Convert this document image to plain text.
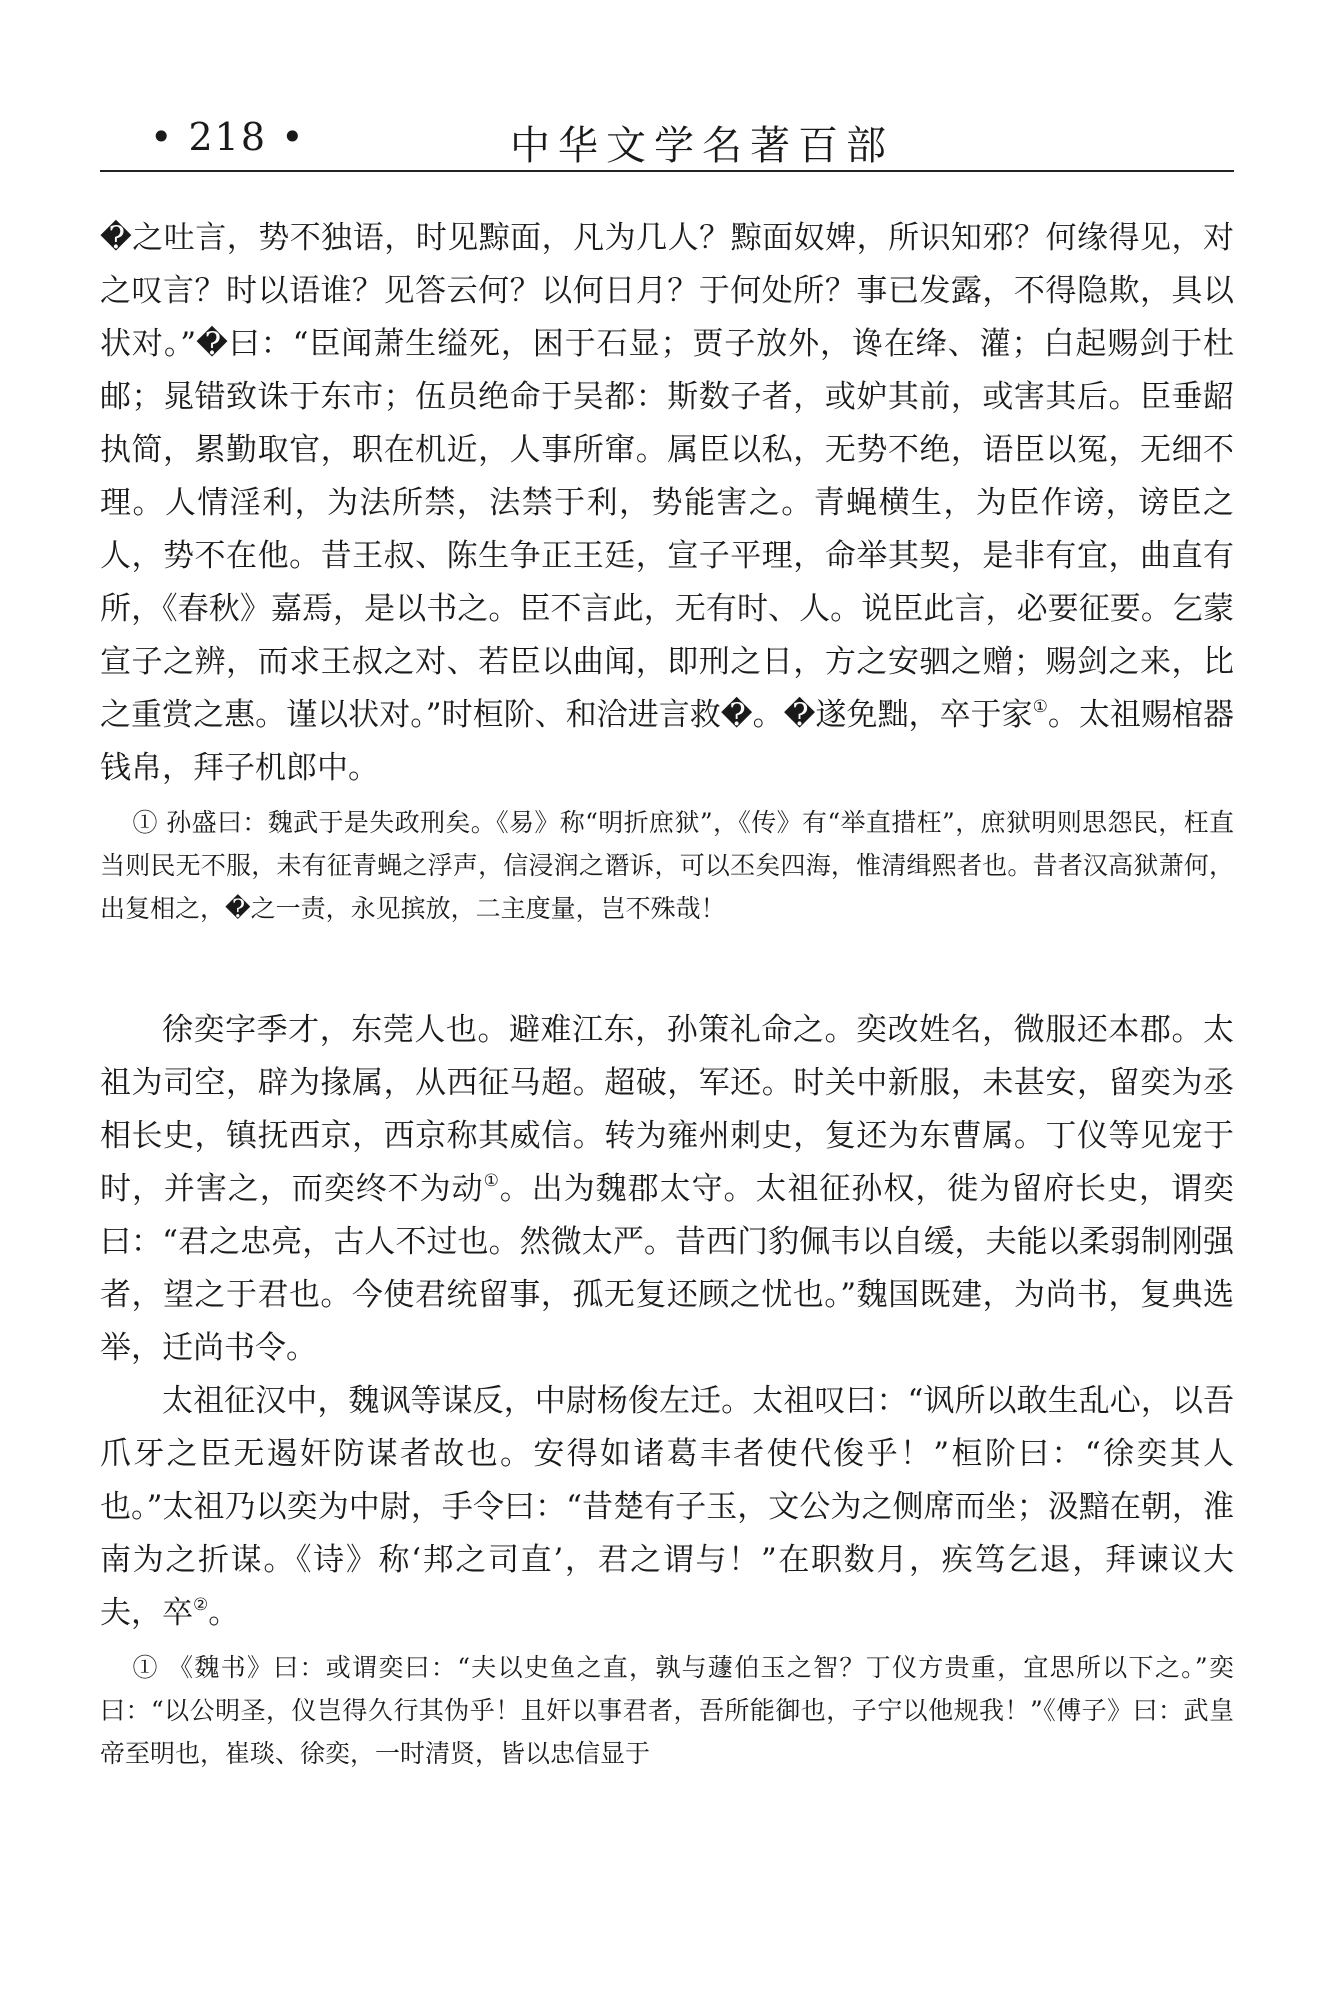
• 218 •	中华文学名著百部

�之吐言，势不独语，时见黥面，凡为几人？黥面奴婢，所识知邪？何缘得见，对之叹言？时以语谁？见答云何？以何日月？于何处所？事已发露，不得隐欺，具以状对。”�曰：“臣闻萧生缢死，困于石显；贾子放外，谗在绛、灌；白起赐剑于杜邮；晁错致诛于东市；伍员绝命于吴都：斯数子者，或妒其前，或害其后。臣垂龆执简，累勤取官，职在机近，人事所窜。属臣以私，无势不绝，语臣以冤，无细不理。人情淫利，为法所禁，法禁于利，势能害之。青蝇横生，为臣作谤，谤臣之人，势不在他。昔王叔、陈生争正王廷，宣子平理，命举其契，是非有宜，曲直有所，《春秋》嘉焉，是以书之。臣不言此，无有时、人。说臣此言，必要征要。乞蒙宣子之辨，而求王叔之对、若臣以曲闻，即刑之日，方之安驷之赠；赐剑之来，比之重赏之惠。谨以状对。”时桓阶、和洽进言救�。�遂免黜，卒于家①。太祖赐棺器钱帛，拜子机郎中。

① 孙盛曰：魏武于是失政刑矣。《易》称“明折庶狱”，《传》有“举直措枉”，庶狱明则思怨民，枉直当则民无不服，未有征青蝇之浮声，信浸润之谮诉，可以丕矣四海，惟清缉熙者也。昔者汉高狱萧何，出复相之，�之一责，永见摈放，二主度量，岂不殊哉！

徐奕字季才，东莞人也。避难江东，孙策礼命之。奕改姓名，微服还本郡。太祖为司空，辟为掾属，从西征马超。超破，军还。时关中新服，未甚安，留奕为丞相长史，镇抚西京，西京称其威信。转为雍州刺史，复还为东曹属。丁仪等见宠于时，并害之，而奕终不为动①。出为魏郡太守。太祖征孙权，徙为留府长史，谓奕曰：“君之忠亮，古人不过也。然微太严。昔西门豹佩韦以自缓，夫能以柔弱制刚强者，望之于君也。今使君统留事，孤无复还顾之忧也。”魏国既建，为尚书，复典选举，迁尚书令。

太祖征汉中，魏讽等谋反，中尉杨俊左迁。太祖叹曰：“讽所以敢生乱心，以吾爪牙之臣无遏奸防谋者故也。安得如诸葛丰者使代俊乎！”桓阶曰：“徐奕其人也。”太祖乃以奕为中尉，手令曰：“昔楚有子玉，文公为之侧席而坐；汲黯在朝，淮南为之折谋。《诗》称‘邦之司直’，君之谓与！”在职数月，疾笃乞退，拜谏议大夫，卒②。

① 《魏书》曰：或谓奕曰：“夫以史鱼之直，孰与蘧伯玉之智？丁仪方贵重，宜思所以下之。”奕曰：“以公明圣，仪岂得久行其伪乎！且奸以事君者，吾所能御也，子宁以他规我！”《傅子》曰：武皇帝至明也，崔琰、徐奕，一时清贤，皆以忠信显于
